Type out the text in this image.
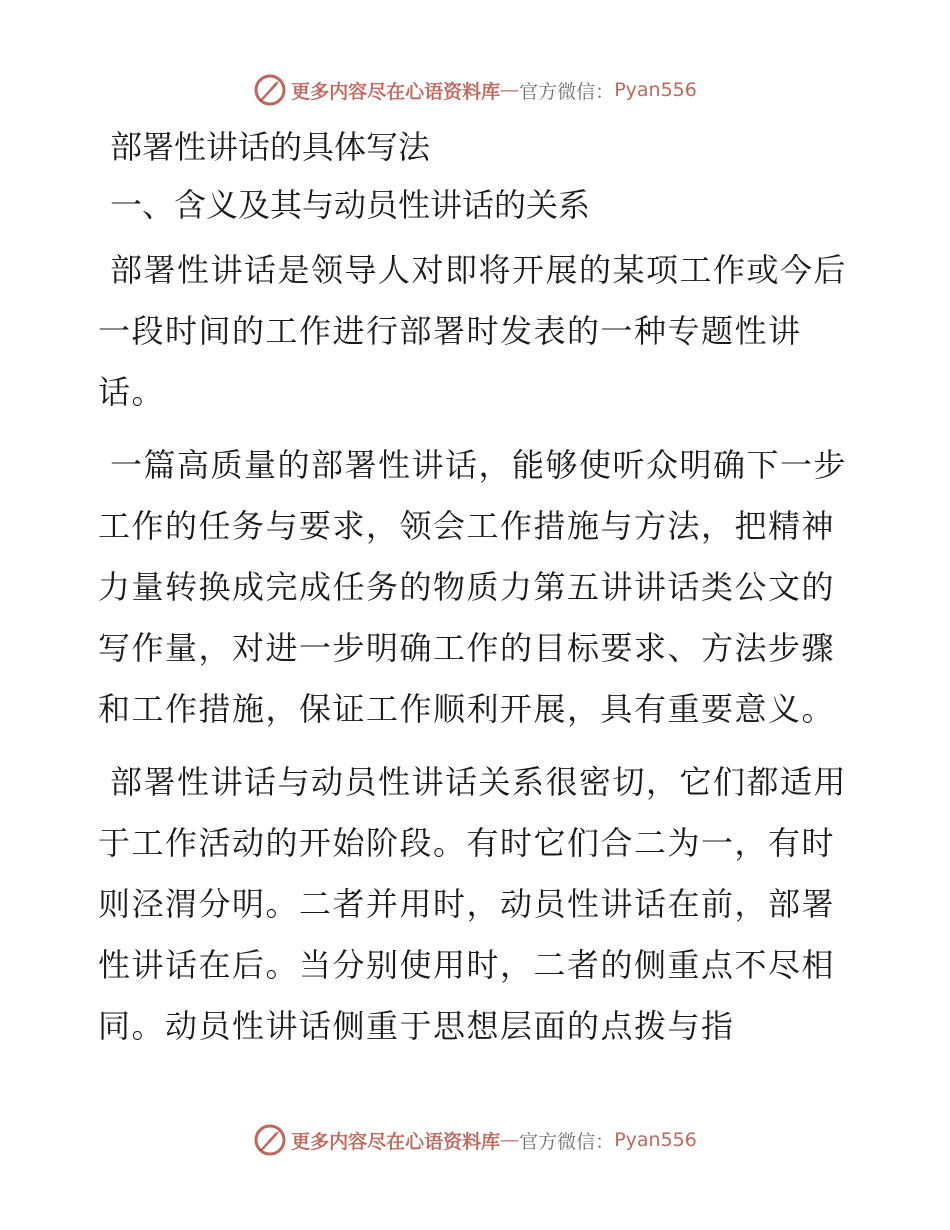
更多内容尽在心语资料库 — 官方微信： Pyan556
部署性讲话的具体写法
一、含义及其与动员性讲话的关系

部署性讲话是领导人对即将开展的某项工作或今后一段时间的工作进行部署时发表的一种专题性讲话。

一篇高质量的部署性讲话，能够使听众明确下一步工作的任务与要求，领会工作措施与方法，把精神力量转换成完成任务的物质力第五讲讲话类公文的写作量，对进一步明确工作的目标要求、方法步骤和工作措施，保证工作顺利开展，具有重要意义。

部署性讲话与动员性讲话关系很密切，它们都适用于工作活动的开始阶段。有时它们合二为一，有时则泾渭分明。二者并用时，动员性讲话在前，部署性讲话在后。当分别使用时，二者的侧重点不尽相同。动员性讲话侧重于思想层面的点拨与指

更多内容尽在心语资料库 — 官方微信： Pyan556
